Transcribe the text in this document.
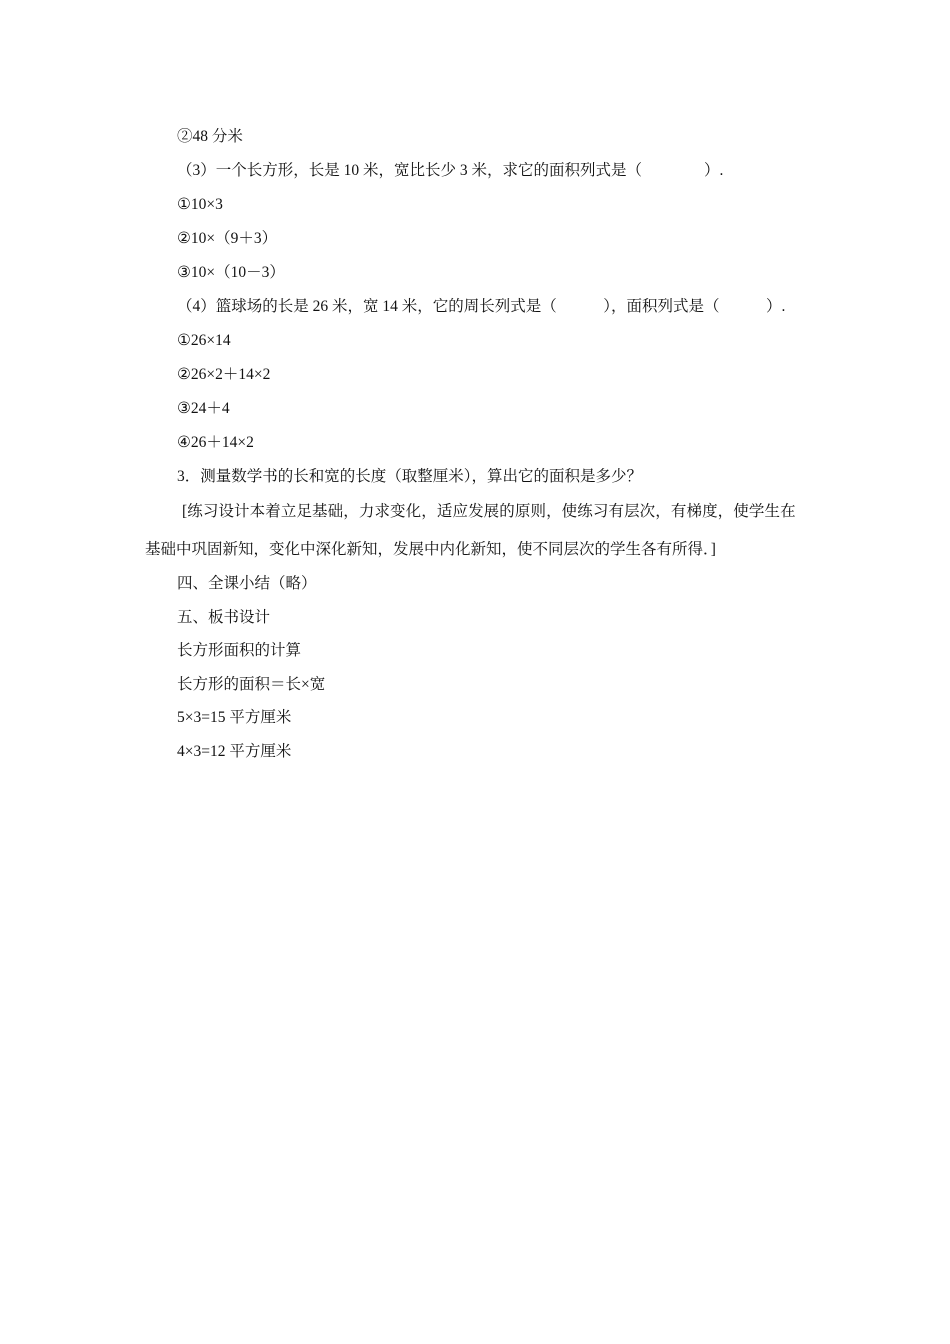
②48 分米
（3）一个长方形，长是 10 米，宽比长少 3 米，求它的面积列式是（　　　　）.
①10×3
②10×（9＋3）
③10×（10－3）
（4）篮球场的长是 26 米，宽 14 米，它的周长列式是（　　　），面积列式是（　　　）.
①26×14
②26×2＋14×2
③24＋4
④26＋14×2
3．测量数学书的长和宽的长度（取整厘米），算出它的面积是多少？
[练习设计本着立足基础，力求变化，适应发展的原则，使练习有层次，有梯度，使学生在
基础中巩固新知，变化中深化新知，发展中内化新知，使不同层次的学生各有所得．]
四、全课小结（略）
五、板书设计
长方形面积的计算
长方形的面积＝长×宽
5×3=15 平方厘米
4×3=12 平方厘米
